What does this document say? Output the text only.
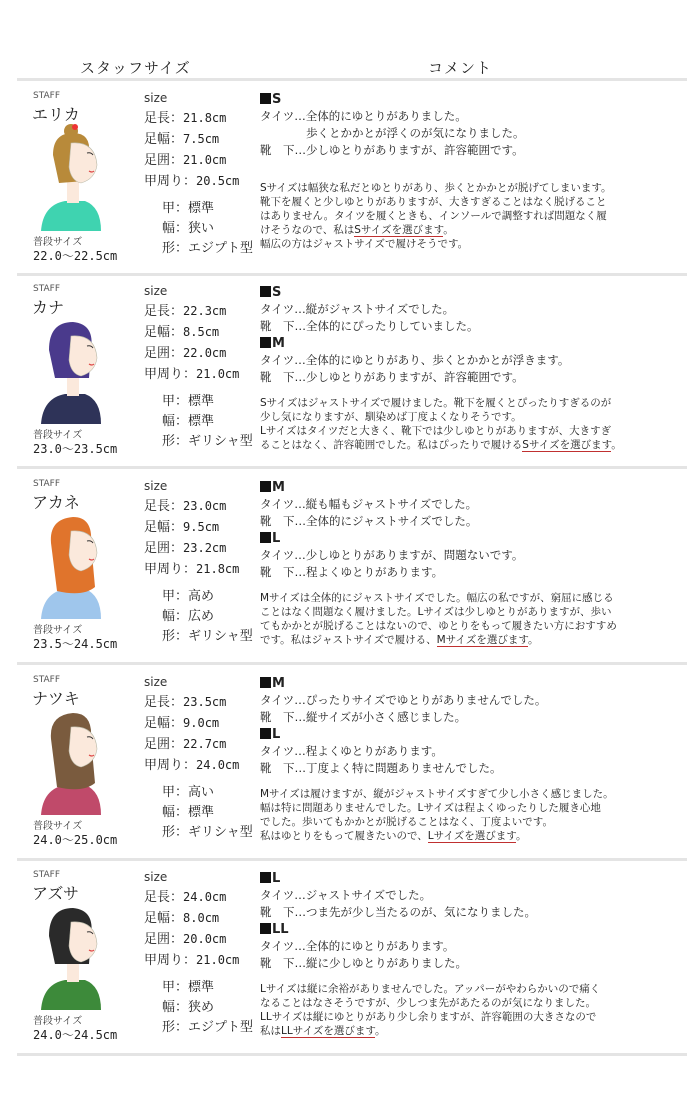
スタッフサイズ	コメント
STAFF
エリカ
普段サイズ
22.0〜22.5cm
size
足長：21.8cm
足幅：7.5cm
足囲：21.0cm
甲周り：20.5cm
甲：標準
幅：狭い
形：エジプト型
S
タイツ…全体的にゆとりがありました。
　　　　歩くとかかとが浮くのが気になりました。
靴　下…少しゆとりがありますが、許容範囲です。
Sサイズは幅狭な私だとゆとりがあり、歩くとかかとが脱げてしまいます。
靴下を履くと少しゆとりがありますが、大きすぎることはなく脱げること
はありません。タイツを履くときも、インソールで調整すれば問題なく履
けそうなので、私はSサイズを選びます。
幅広の方はジャストサイズで履けそうです。
STAFF
カナ
普段サイズ
23.0〜23.5cm
size
足長：22.3cm
足幅：8.5cm
足囲：22.0cm
甲周り：21.0cm
甲：標準
幅：標準
形：ギリシャ型
S
タイツ…縦がジャストサイズでした。
靴　下…全体的にぴったりしていました。
M
タイツ…全体的にゆとりがあり、歩くとかかとが浮きます。
靴　下…少しゆとりがありますが、許容範囲です。
Sサイズはジャストサイズで履けました。靴下を履くとぴったりすぎるのが
少し気になりますが、馴染めば丁度よくなりそうです。
Lサイズはタイツだと大きく、靴下では少しゆとりがありますが、大きすぎ
ることはなく、許容範囲でした。私はぴったりで履けるSサイズを選びます。
STAFF
アカネ
普段サイズ
23.5〜24.5cm
size
足長：23.0cm
足幅：9.5cm
足囲：23.2cm
甲周り：21.8cm
甲：高め
幅：広め
形：ギリシャ型
M
タイツ…縦も幅もジャストサイズでした。
靴　下…全体的にジャストサイズでした。
L
タイツ…少しゆとりがありますが、問題ないです。
靴　下…程よくゆとりがあります。
Mサイズは全体的にジャストサイズでした。幅広の私ですが、窮屈に感じる
ことはなく問題なく履けました。Lサイズは少しゆとりがありますが、歩い
てもかかとが脱げることはないので、ゆとりをもって履きたい方におすすめ
です。私はジャストサイズで履ける、Mサイズを選びます。
STAFF
ナツキ
普段サイズ
24.0〜25.0cm
size
足長：23.5cm
足幅：9.0cm
足囲：22.7cm
甲周り：24.0cm
甲：高い
幅：標準
形：ギリシャ型
M
タイツ…ぴったりサイズでゆとりがありませんでした。
靴　下…縦サイズが小さく感じました。
L
タイツ…程よくゆとりがあります。
靴　下…丁度よく特に問題ありませんでした。
Mサイズは履けますが、縦がジャストサイズすぎて少し小さく感じました。
幅は特に問題ありませんでした。Lサイズは程よくゆったりした履き心地
でした。歩いてもかかとが脱げることはなく、丁度よいです。
私はゆとりをもって履きたいので、Lサイズを選びます。
STAFF
アズサ
普段サイズ
24.0〜24.5cm
size
足長：24.0cm
足幅：8.0cm
足囲：20.0cm
甲周り：21.0cm
甲：標準
幅：狭め
形：エジプト型
L
タイツ…ジャストサイズでした。
靴　下…つま先が少し当たるのが、気になりました。
LL
タイツ…全体的にゆとりがあります。
靴　下…縦に少しゆとりがありました。
Lサイズは縦に余裕がありませんでした。アッパーがやわらかいので痛く
なることはなさそうですが、少しつま先があたるのが気になりました。
LLサイズは縦にゆとりがあり少し余りますが、許容範囲の大きさなので
私はLLサイズを選びます。
